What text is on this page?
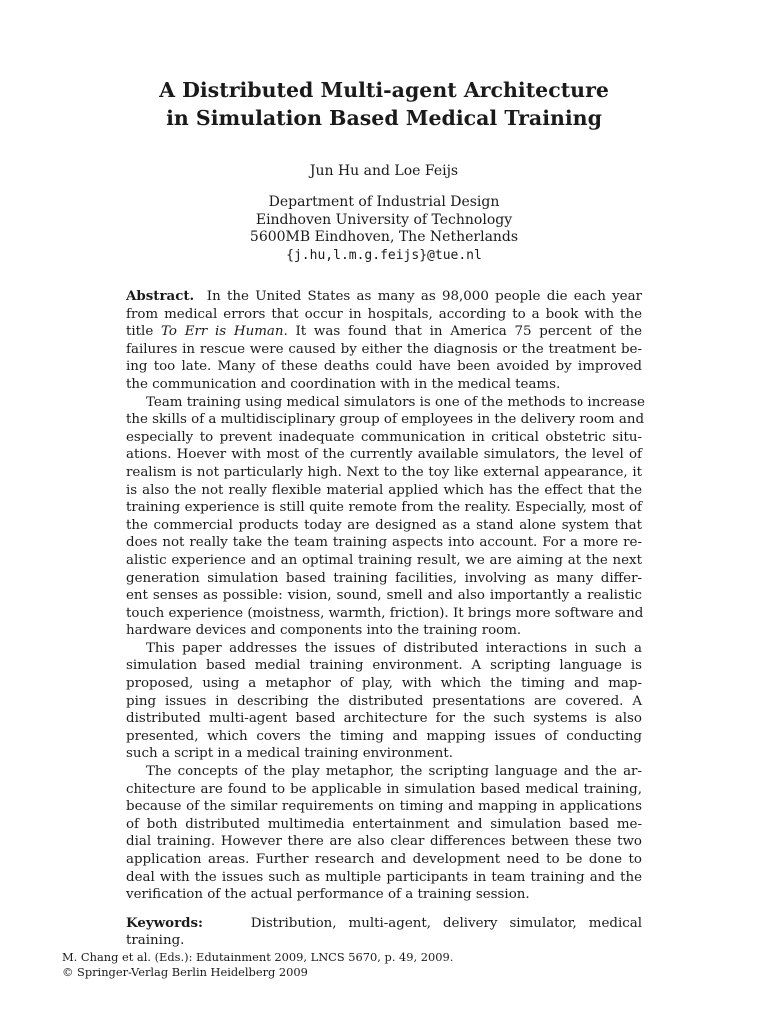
A Distributed Multi-agent Architecture
in Simulation Based Medical Training
Jun Hu and Loe Feijs
Department of Industrial Design
Eindhoven University of Technology
5600MB Eindhoven, The Netherlands
{j.hu,l.m.g.feijs}@tue.nl
Abstract. In the United States as many as 98,000 people die each year
from medical errors that occur in hospitals, according to a book with the
title To Err is Human. It was found that in America 75 percent of the
failures in rescue were caused by either the diagnosis or the treatment be-
ing too late. Many of these deaths could have been avoided by improved
the communication and coordination with in the medical teams.
Team training using medical simulators is one of the methods to increase
the skills of a multidisciplinary group of employees in the delivery room and
especially to prevent inadequate communication in critical obstetric situ-
ations. Hoever with most of the currently available simulators, the level of
realism is not particularly high. Next to the toy like external appearance, it
is also the not really flexible material applied which has the effect that the
training experience is still quite remote from the reality. Especially, most of
the commercial products today are designed as a stand alone system that
does not really take the team training aspects into account. For a more re-
alistic experience and an optimal training result, we are aiming at the next
generation simulation based training facilities, involving as many differ-
ent senses as possible: vision, sound, smell and also importantly a realistic
touch experience (moistness, warmth, friction). It brings more software and
hardware devices and components into the training room.
This paper addresses the issues of distributed interactions in such a
simulation based medial training environment. A scripting language is
proposed, using a metaphor of play, with which the timing and map-
ping issues in describing the distributed presentations are covered. A
distributed multi-agent based architecture for the such systems is also
presented, which covers the timing and mapping issues of conducting
such a script in a medical training environment.
The concepts of the play metaphor, the scripting language and the ar-
chitecture are found to be applicable in simulation based medical training,
because of the similar requirements on timing and mapping in applications
of both distributed multimedia entertainment and simulation based me-
dial training. However there are also clear differences between these two
application areas. Further research and development need to be done to
deal with the issues such as multiple participants in team training and the
verification of the actual performance of a training session.
Keywords:	Distribution, multi-agent, delivery simulator, medical
training.
M. Chang et al. (Eds.): Edutainment 2009, LNCS 5670, p. 49, 2009.
© Springer-Verlag Berlin Heidelberg 2009
